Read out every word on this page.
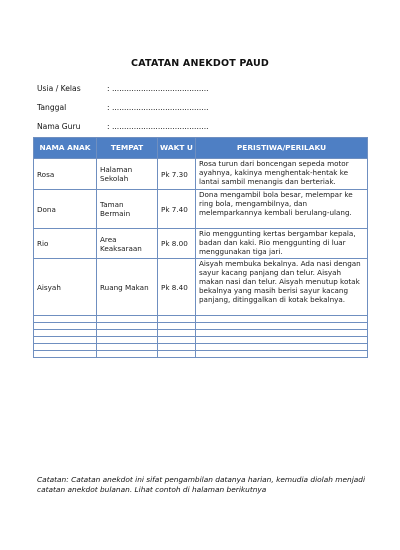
CATATAN ANEKDOT PAUD
Usia / Kelas	: ........................................
Tanggal	: ........................................
Nama Guru	: ........................................
NAMA ANAK	TEMPAT	WAKT U	PERISTIWA/PERILAKU
Rosa	Halaman Sekolah	Pk 7.30	Rosa turun dari boncengan sepeda motor ayahnya, kakinya menghentak-hentak ke lantai sambil menangis dan berteriak.
Dona	Taman Bermain	Pk 7.40	Dona mengambil bola besar, melempar ke ring bola, mengambilnya, dan melemparkannya kembali berulang-ulang.
Rio	Area Keaksaraan	Pk 8.00	Rio menggunting kertas bergambar kepala, badan dan kaki. Rio menggunting di luar menggunakan tiga jari.
Aisyah	Ruang Makan	Pk 8.40	Aisyah membuka bekalnya. Ada nasi dengan sayur kacang panjang dan telur. Aisyah makan nasi dan telur. Aisyah menutup kotak bekalnya yang masih berisi sayur kacang panjang, ditinggalkan di kotak bekalnya.

Catatan: Catatan anekdot ini sifat pengambilan datanya harian, kemudia diolah menjadi catatan anekdot bulanan. Lihat contoh di halaman berikutnya
